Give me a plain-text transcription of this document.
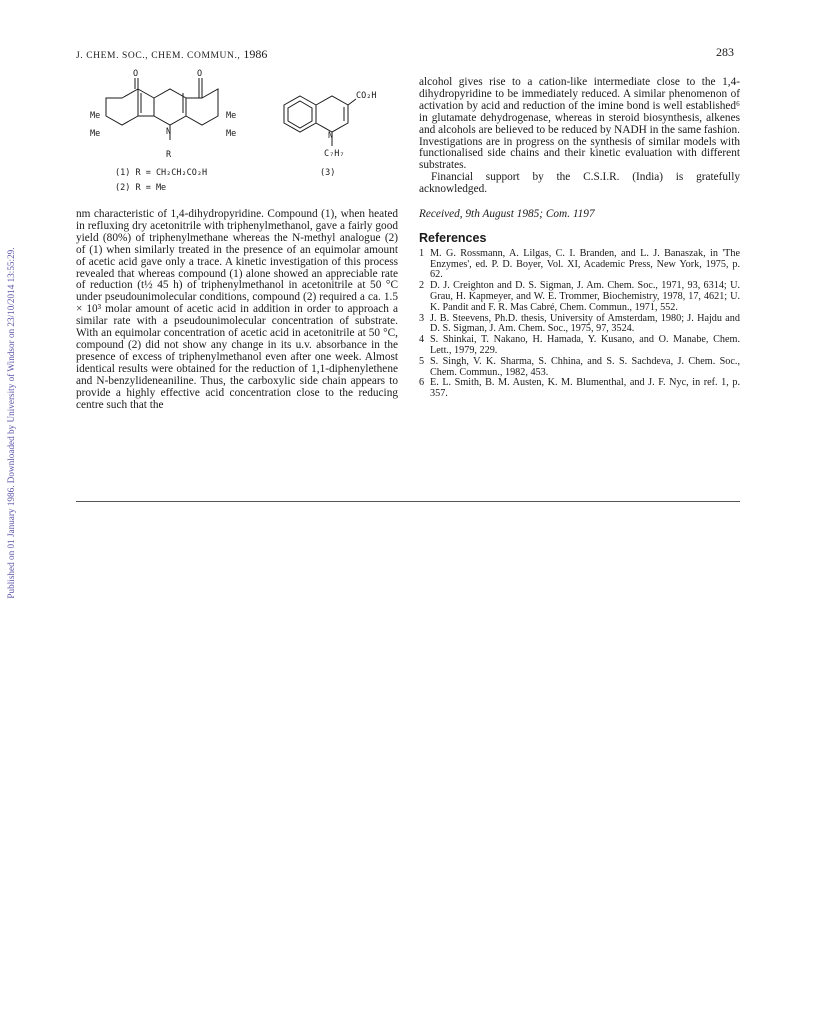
Published on 01 January 1986. Downloaded by University of Windsor on 23/10/2014 13:55:29.
J. CHEM. SOC., CHEM. COMMUN., 1986	283
O	O
Me
Me
Me
Me
N
R
CO₂H
N
C₇H₇
(1) R = CH₂CH₂CO₂H
(2) R = Me
(3)

nm characteristic of 1,4-dihydropyridine. Compound (1), when heated in refluxing dry acetonitrile with triphenylmethanol, gave a fairly good yield (80%) of triphenylmethane whereas the N-methyl analogue (2) of (1) when similarly treated in the presence of an equimolar amount of acetic acid gave only a trace. A kinetic investigation of this process revealed that whereas compound (1) alone showed an appreciable rate of reduction (t½ 45 h) of triphenylmethanol in acetonitrile at 50 °C under pseudounimolecular conditions, compound (2) required a ca. 1.5 × 10³ molar amount of acetic acid in addition in order to approach a similar rate with a pseudounimolecular concentration of substrate. With an equimolar concentration of acetic acid in acetonitrile at 50 °C, compound (2) did not show any change in its u.v. absorbance in the presence of excess of triphenylmethanol even after one week. Almost identical results were obtained for the reduction of 1,1-diphenylethene and N-benzylideneaniline. Thus, the carboxylic side chain appears to provide a highly effective acid concentration close to the reducing centre such that the

alcohol gives rise to a cation-like intermediate close to the 1,4-dihydropyridine to be immediately reduced. A similar phenomenon of activation by acid and reduction of the imine bond is well established⁶ in glutamate dehydrogenase, whereas in steroid biosynthesis, alkenes and alcohols are believed to be reduced by NADH in the same fashion. Investigations are in progress on the synthesis of similar models with functionalised side chains and their kinetic evaluation with different substrates.

Financial support by the C.S.I.R. (India) is gratefully acknowledged.

Received, 9th August 1985; Com. 1197

References

1 M. G. Rossmann, A. Lilgas, C. I. Branden, and L. J. Banaszak, in 'The Enzymes', ed. P. D. Boyer, Vol. XI, Academic Press, New York, 1975, p. 62.
2 D. J. Creighton and D. S. Sigman, J. Am. Chem. Soc., 1971, 93, 6314; U. Grau, H. Kapmeyer, and W. E. Trommer, Biochemistry, 1978, 17, 4621; U. K. Pandit and F. R. Mas Cabré, Chem. Commun., 1971, 552.
3 J. B. Steevens, Ph.D. thesis, University of Amsterdam, 1980; J. Hajdu and D. S. Sigman, J. Am. Chem. Soc., 1975, 97, 3524.
4 S. Shinkai, T. Nakano, H. Hamada, Y. Kusano, and O. Manabe, Chem. Lett., 1979, 229.
5 S. Singh, V. K. Sharma, S. Chhina, and S. S. Sachdeva, J. Chem. Soc., Chem. Commun., 1982, 453.
6 E. L. Smith, B. M. Austen, K. M. Blumenthal, and J. F. Nyc, in ref. 1, p. 357.
